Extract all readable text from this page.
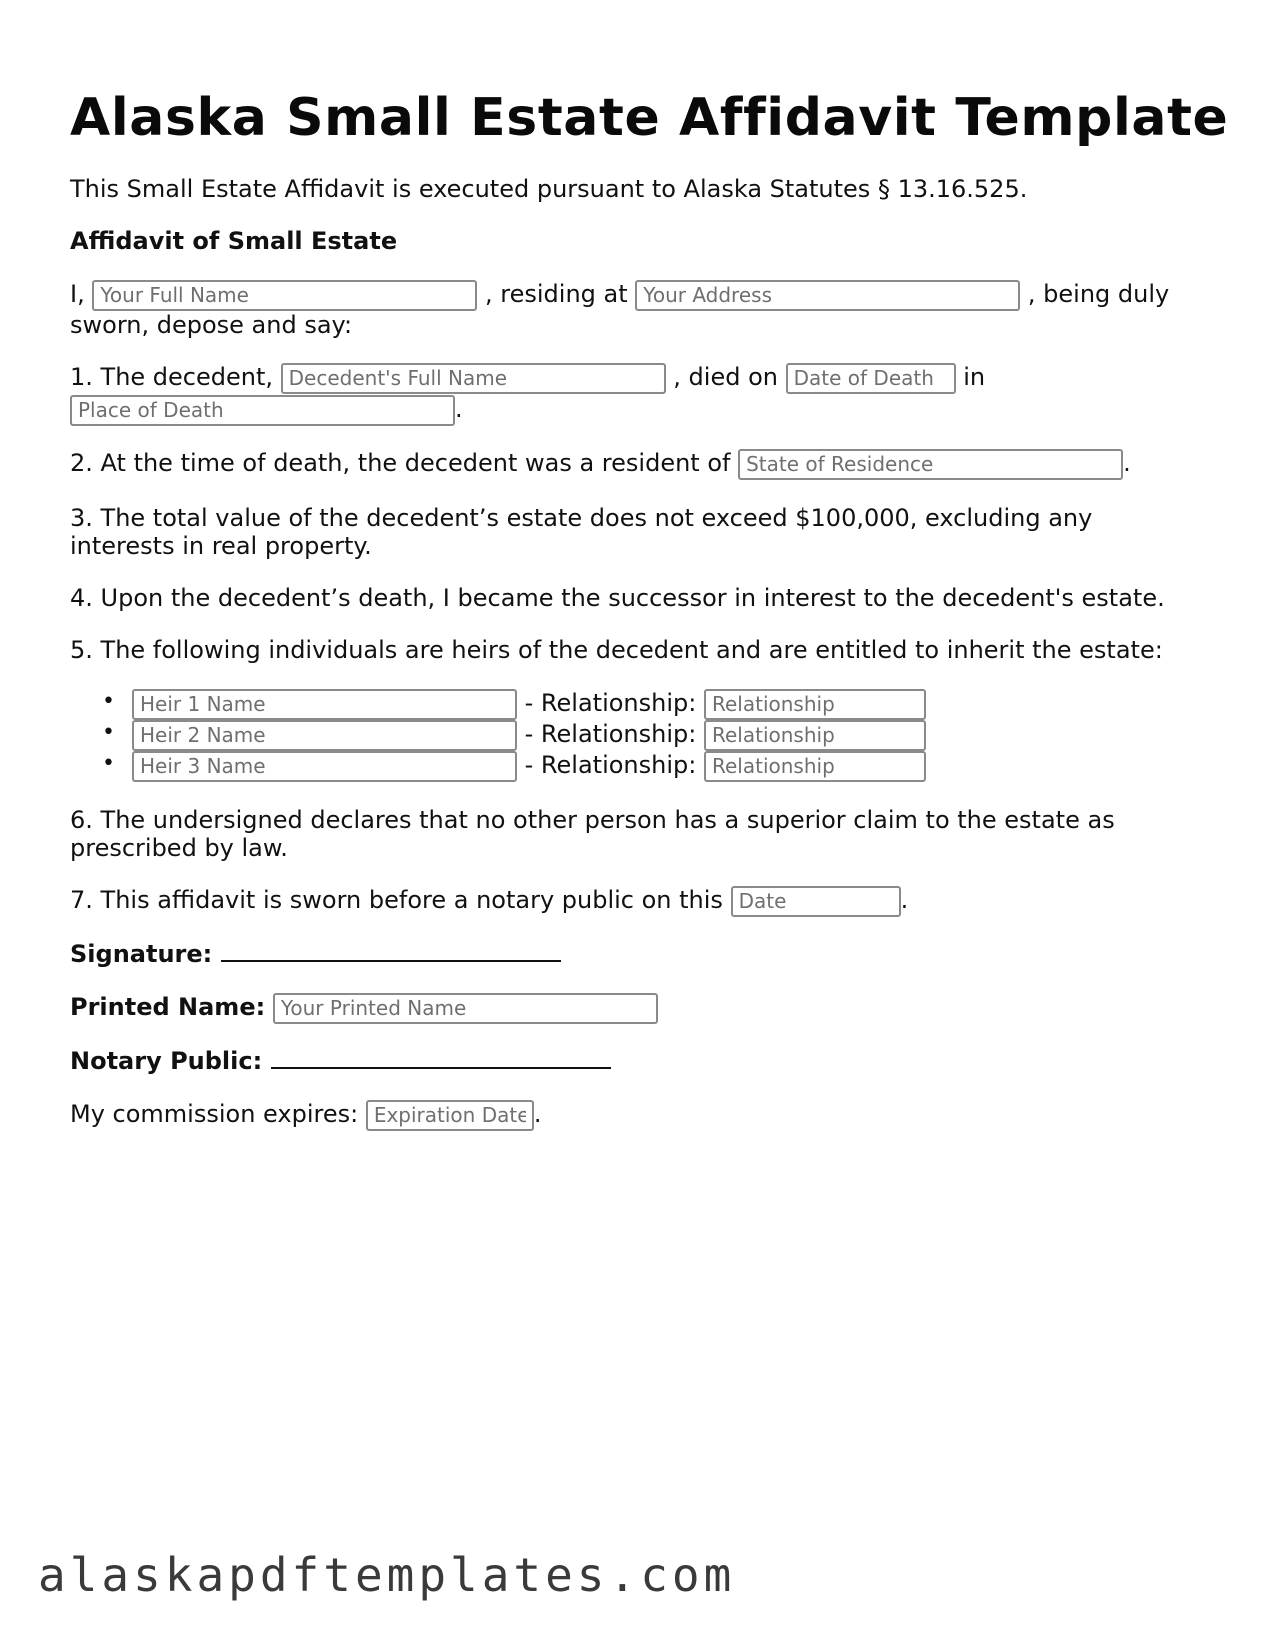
Alaska Small Estate Affidavit Template
This Small Estate Affidavit is executed pursuant to Alaska Statutes § 13.16.525.
Affidavit of Small Estate
I, Your Full Name	, residing at Your Address	, being duly
sworn, depose and say:
1. The decedent, Decedent's Full Name	, died on Date of Death	in
Place of Death.
2. At the time of death, the decedent was a resident of State of Residence	.
3. The total value of the decedent’s estate does not exceed $100,000, excluding any
interests in real property.
4. Upon the decedent’s death, I became the successor in interest to the decedent's estate.
5. The following individuals are heirs of the decedent and are entitled to inherit the estate:
•
Heir 1 Name	- Relationship: Relationship
•
Heir 2 Name	- Relationship: Relationship
•
Heir 3 Name	- Relationship: Relationship
6. The undersigned declares that no other person has a superior claim to the estate as
prescribed by law.
7. This affidavit is sworn before a notary public on this Date	.
Signature:
Printed Name: Your Printed Name
Notary Public:
My commission expires: Expiration Date	.
alaskapdftemplates.com
